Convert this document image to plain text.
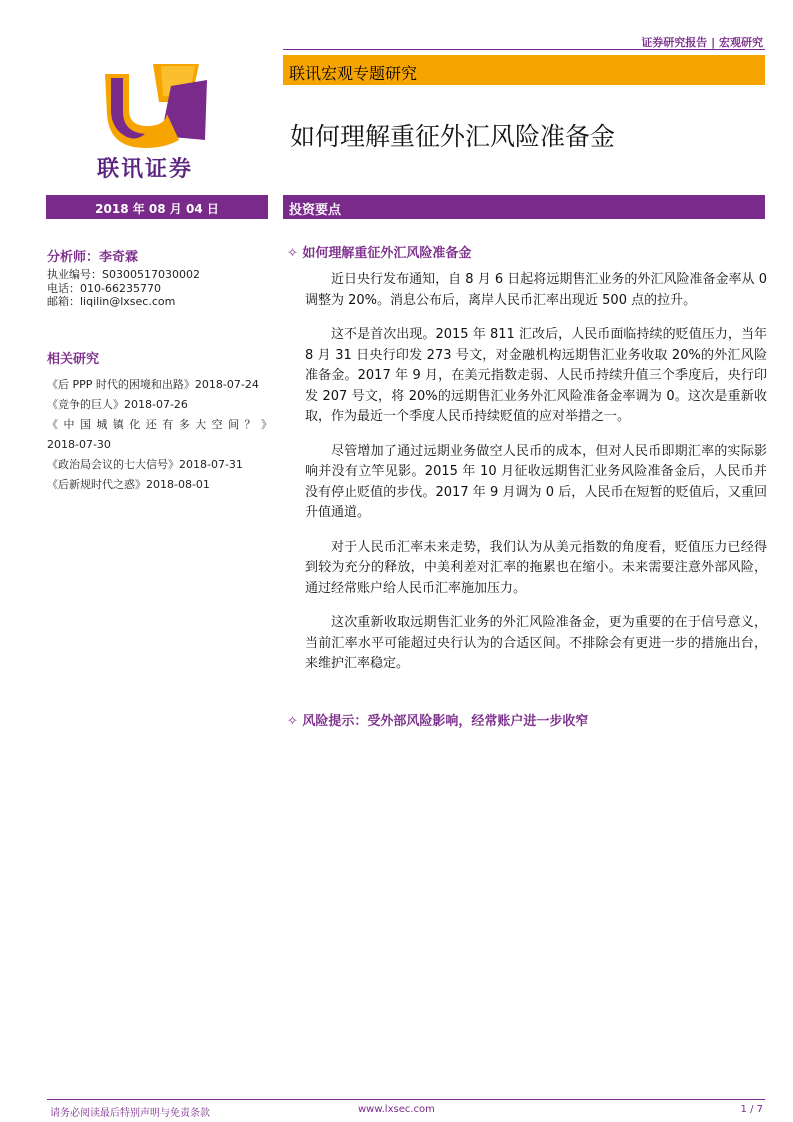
证券研究报告 | 宏观研究
联讯宏观专题研究
如何理解重征外汇风险准备金
联讯证券
2018 年 08 月 04 日	投资要点
分析师：李奇霖
执业编号：S0300517030002
电话：010-66235770
邮箱：liqilin@lxsec.com
相关研究
《后 PPP 时代的困境和出路》2018-07-24
《竞争的巨人》2018-07-26
《中国城镇化还有多大空间？》
2018-07-30
《政治局会议的七大信号》2018-07-31
《后新规时代之惑》2018-08-01
✧ 如何理解重征外汇风险准备金

近日央行发布通知，自 8 月 6 日起将远期售汇业务的外汇风险准备金率从 0 调整为 20%。消息公布后，离岸人民币汇率出现近 500 点的拉升。

这不是首次出现。2015 年 811 汇改后，人民币面临持续的贬值压力，当年 8 月 31 日央行印发 273 号文，对金融机构远期售汇业务收取 20%的外汇风险准备金。2017 年 9 月，在美元指数走弱、人民币持续升值三个季度后，央行印发 207 号文，将 20%的远期售汇业务外汇风险准备金率调为 0。这次是重新收取，作为最近一个季度人民币持续贬值的应对举措之一。

尽管增加了通过远期业务做空人民币的成本，但对人民币即期汇率的实际影响并没有立竿见影。2015 年 10 月征收远期售汇业务风险准备金后，人民币并没有停止贬值的步伐。2017 年 9 月调为 0 后，人民币在短暂的贬值后，又重回升值通道。

对于人民币汇率未来走势，我们认为从美元指数的角度看，贬值压力已经得到较为充分的释放，中美利差对汇率的拖累也在缩小。未来需要注意外部风险，通过经常账户给人民币汇率施加压力。

这次重新收取远期售汇业务的外汇风险准备金，更为重要的在于信号意义，当前汇率水平可能超过央行认为的合适区间。不排除会有更进一步的措施出台，来维护汇率稳定。

✧ 风险提示：受外部风险影响，经常账户进一步收窄
请务必阅读最后特别声明与免责条款	www.lxsec.com	1 / 7
